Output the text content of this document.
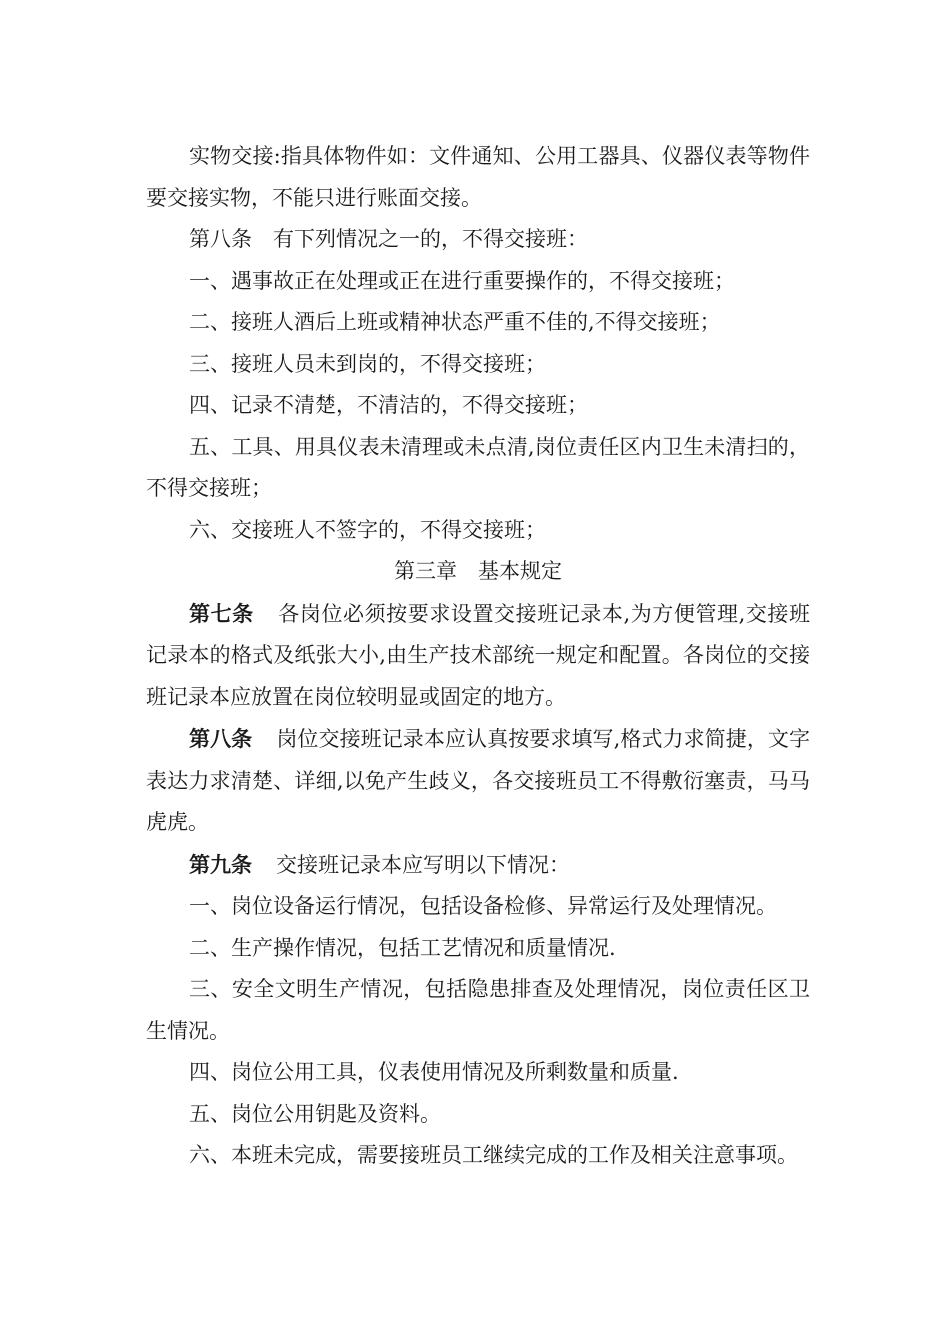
实物交接:指具体物件如：文件通知、公用工器具、仪器仪表等物件要交接实物，不能只进行账面交接。

第八条　有下列情况之一的，不得交接班：

一、遇事故正在处理或正在进行重要操作的，不得交接班；

二、接班人酒后上班或精神状态严重不佳的,不得交接班；

三、接班人员未到岗的，不得交接班；

四、记录不清楚，不清洁的，不得交接班；

五、工具、用具仪表未清理或未点清,岗位责任区内卫生未清扫的，不得交接班；

六、交接班人不签字的，不得交接班；

第三章　基本规定

第七条 各岗位必须按要求设置交接班记录本,为方便管理,交接班记录本的格式及纸张大小,由生产技术部统一规定和配置。各岗位的交接班记录本应放置在岗位较明显或固定的地方。

第八条 岗位交接班记录本应认真按要求填写,格式力求简捷，文字表达力求清楚、详细,以免产生歧义，各交接班员工不得敷衍塞责，马马虎虎。

第九条 交接班记录本应写明以下情况：

一、岗位设备运行情况，包括设备检修、异常运行及处理情况。

二、生产操作情况，包括工艺情况和质量情况.

三、安全文明生产情况，包括隐患排查及处理情况，岗位责任区卫生情况。

四、岗位公用工具，仪表使用情况及所剩数量和质量.

五、岗位公用钥匙及资料。

六、本班未完成，需要接班员工继续完成的工作及相关注意事项。
